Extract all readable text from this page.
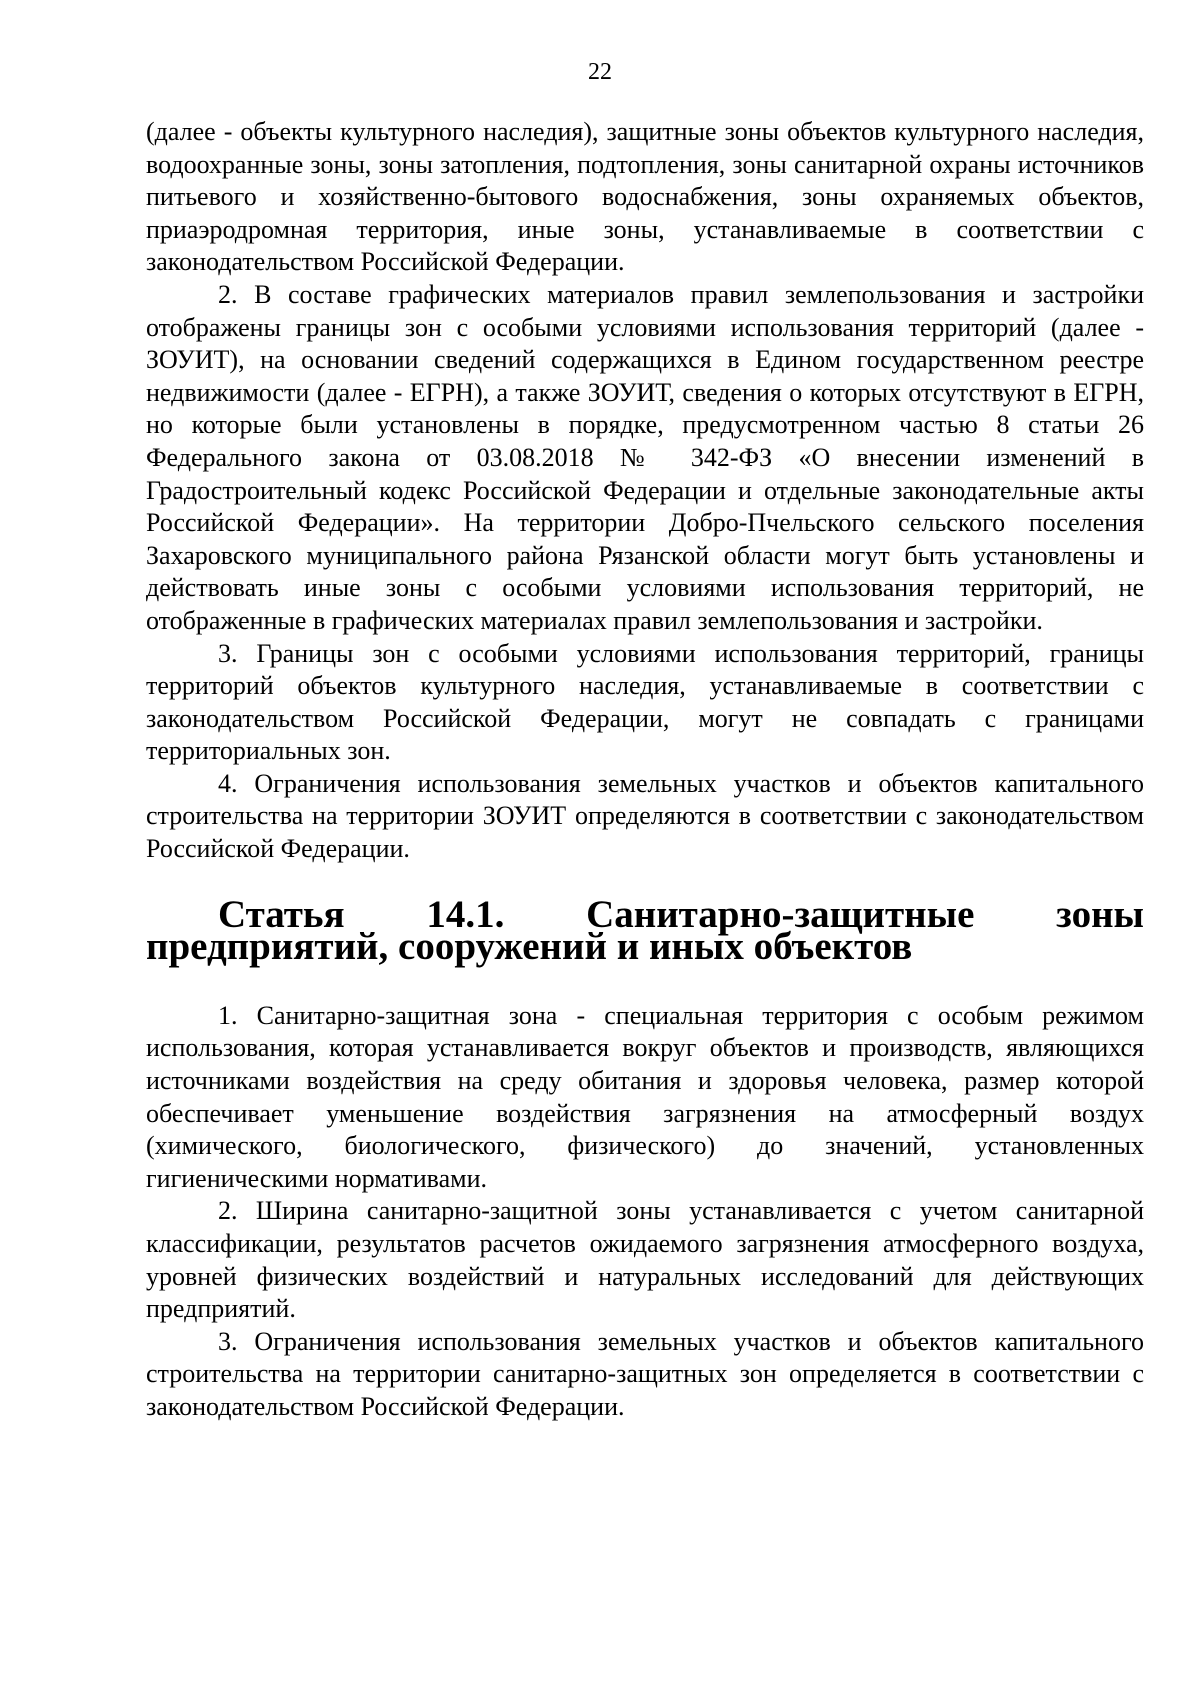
22

(далее - объекты культурного наследия), защитные зоны объектов культурного наследия, водоохранные зоны, зоны затопления, подтопления, зоны санитарной охраны источников питьевого и хозяйственно-бытового водоснабжения, зоны охраняемых объектов, приаэродромная территория, иные зоны, устанавливаемые в соответствии с законодательством Российской Федерации.

2. В составе графических материалов правил землепользования и застройки отображены границы зон с особыми условиями использования территорий (далее - ЗОУИТ), на основании сведений содержащихся в Едином государственном реестре недвижимости (далее - ЕГРН), а также ЗОУИТ, сведения о которых отсутствуют в ЕГРН, но которые были установлены в порядке, предусмотренном частью 8 статьи 26 Федерального закона от 03.08.2018 № 342-ФЗ «О внесении изменений в Градостроительный кодекс Российской Федерации и отдельные законодательные акты Российской Федерации». На территории Добро-Пчельского сельского поселения Захаровского муниципального района Рязанской области могут быть установлены и действовать иные зоны с особыми условиями использования территорий, не отображенные в графических материалах правил землепользования и застройки.

3. Границы зон с особыми условиями использования территорий, границы территорий объектов культурного наследия, устанавливаемые в соответствии с законодательством Российской Федерации, могут не совпадать с границами территориальных зон.

4. Ограничения использования земельных участков и объектов капитального строительства на территории ЗОУИТ определяются в соответствии с законодательством Российской Федерации.

Статья 14.1. Санитарно-защитные зоны предприятий, сооружений и иных объектов

1. Санитарно-защитная зона - специальная территория с особым режимом использования, которая устанавливается вокруг объектов и производств, являющихся источниками воздействия на среду обитания и здоровья человека, размер которой обеспечивает уменьшение воздействия загрязнения на атмосферный воздух (химического, биологического, физического) до значений, установленных гигиеническими нормативами.

2. Ширина санитарно-защитной зоны устанавливается с учетом санитарной классификации, результатов расчетов ожидаемого загрязнения атмосферного воздуха, уровней физических воздействий и натуральных исследований для действующих предприятий.

3. Ограничения использования земельных участков и объектов капитального строительства на территории санитарно-защитных зон определяется в соответствии с законодательством Российской Федерации.
